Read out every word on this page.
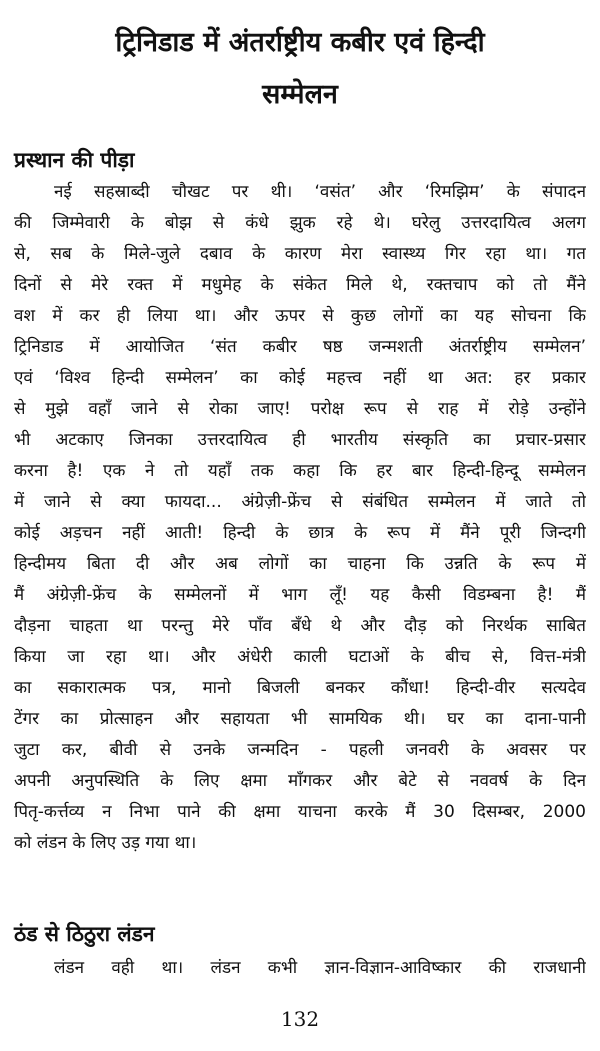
ट्रिनिडाड में अंतर्राष्ट्रीय कबीर एवं हिन्दी
सम्मेलन
प्रस्थान की पीड़ा
नई सहस्राब्दी चौखट पर थी। ‘वसंत’ और ‘रिमझिम’ के संपादन
की जिम्मेवारी के बोझ से कंधे झुक रहे थे। घरेलु उत्तरदायित्व अलग
से, सब के मिले-जुले दबाव के कारण मेरा स्वास्थ्य गिर रहा था। गत
दिनों से मेरे रक्त में मधुमेह के संकेत मिले थे, रक्तचाप को तो मैंने
वश में कर ही लिया था। और ऊपर से कुछ लोगों का यह सोचना कि
ट्रिनिडाड में आयोजित ‘संत कबीर षष्ठ जन्मशती अंतर्राष्ट्रीय सम्मेलन’
एवं ‘विश्व हिन्दी सम्मेलन’ का कोई महत्त्व नहीं था अत: हर प्रकार
से मुझे वहाँ जाने से रोका जाए! परोक्ष रूप से राह में रोड़े उन्होंने
भी अटकाए जिनका उत्तरदायित्व ही भारतीय संस्कृति का प्रचार-प्रसार
करना है! एक ने तो यहाँ तक कहा कि हर बार हिन्दी-हिन्दू सम्मेलन
में जाने से क्या फायदा... अंग्रेज़ी-फ्रेंच से संबंधित सम्मेलन में जाते तो
कोई अड़चन नहीं आती! हिन्दी के छात्र के रूप में मैंने पूरी जिन्दगी
हिन्दीमय बिता दी और अब लोगों का चाहना कि उन्नति के रूप में
मैं अंग्रेज़ी-फ्रेंच के सम्मेलनों में भाग लूँ! यह कैसी विडम्बना है! मैं
दौड़ना चाहता था परन्तु मेरे पाँव बँधे थे और दौड़ को निरर्थक साबित
किया जा रहा था। और अंधेरी काली घटाओं के बीच से, वित्त-मंत्री
का सकारात्मक पत्र, मानो बिजली बनकर कौंधा! हिन्दी-वीर सत्यदेव
टेंगर का प्रोत्साहन और सहायता भी सामयिक थी। घर का दाना-पानी
जुटा कर, बीवी से उनके जन्मदिन - पहली जनवरी के अवसर पर
अपनी अनुपस्थिति के लिए क्षमा माँगकर और बेटे से नववर्ष के दिन
पितृ-कर्त्तव्य न निभा पाने की क्षमा याचना करके मैं 30 दिसम्बर, 2000
को लंडन के लिए उड़ गया था।
ठंड से ठिठुरा लंडन
लंडन वही था। लंडन कभी ज्ञान-विज्ञान-आविष्कार की राजधानी
132
